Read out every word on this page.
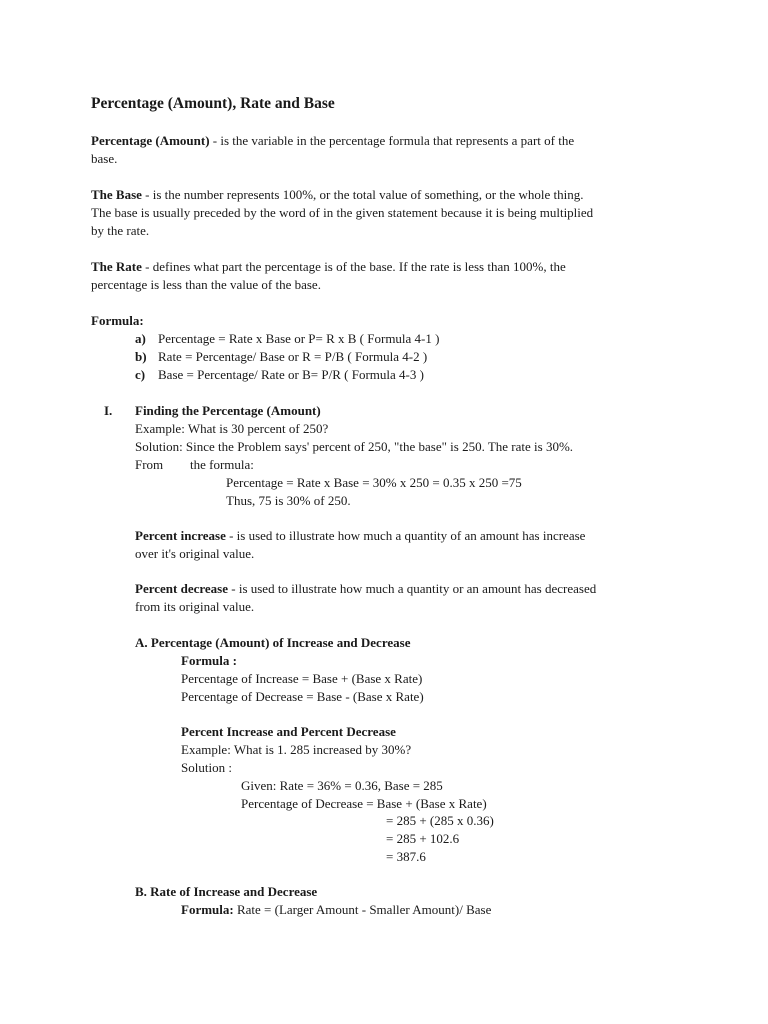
Percentage (Amount), Rate and Base
Percentage (Amount) - is the variable in the percentage formula that represents a part of the
base.
The Base - is the number represents 100%, or the total value of something, or the whole thing.
The base is usually preceded by the word of in the given statement because it is being multiplied
by the rate.
The Rate - defines what part the percentage is of the base. If the rate is less than 100%, the
percentage is less than the value of the base.
Formula:
a) Percentage = Rate x Base or P= R x B ( Formula 4-1 )
b) Rate = Percentage/ Base or R = P/B ( Formula 4-2 )
c) Base = Percentage/ Rate or B= P/R ( Formula 4-3 )
I. Finding the Percentage (Amount)
Example: What is 30 percent of 250?
Solution: Since the Problem says' percent of 250, "the base" is 250. The rate is 30%.
From the formula:
Percentage = Rate x Base = 30% x 250 = 0.35 x 250 =75
Thus, 75 is 30% of 250.
Percent increase - is used to illustrate how much a quantity of an amount has increase
over it's original value.
Percent decrease - is used to illustrate how much a quantity or an amount has decreased
from its original value.
A. Percentage (Amount) of Increase and Decrease
Formula :
Percentage of Increase = Base + (Base x Rate)
Percentage of Decrease = Base - (Base x Rate)
Percent Increase and Percent Decrease
Example: What is 1. 285 increased by 30%?
Solution :
Given: Rate = 36% = 0.36, Base = 285
Percentage of Decrease = Base + (Base x Rate)
= 285 + (285 x 0.36)
= 285 + 102.6
= 387.6
B. Rate of Increase and Decrease
Formula: Rate = (Larger Amount - Smaller Amount)/ Base
